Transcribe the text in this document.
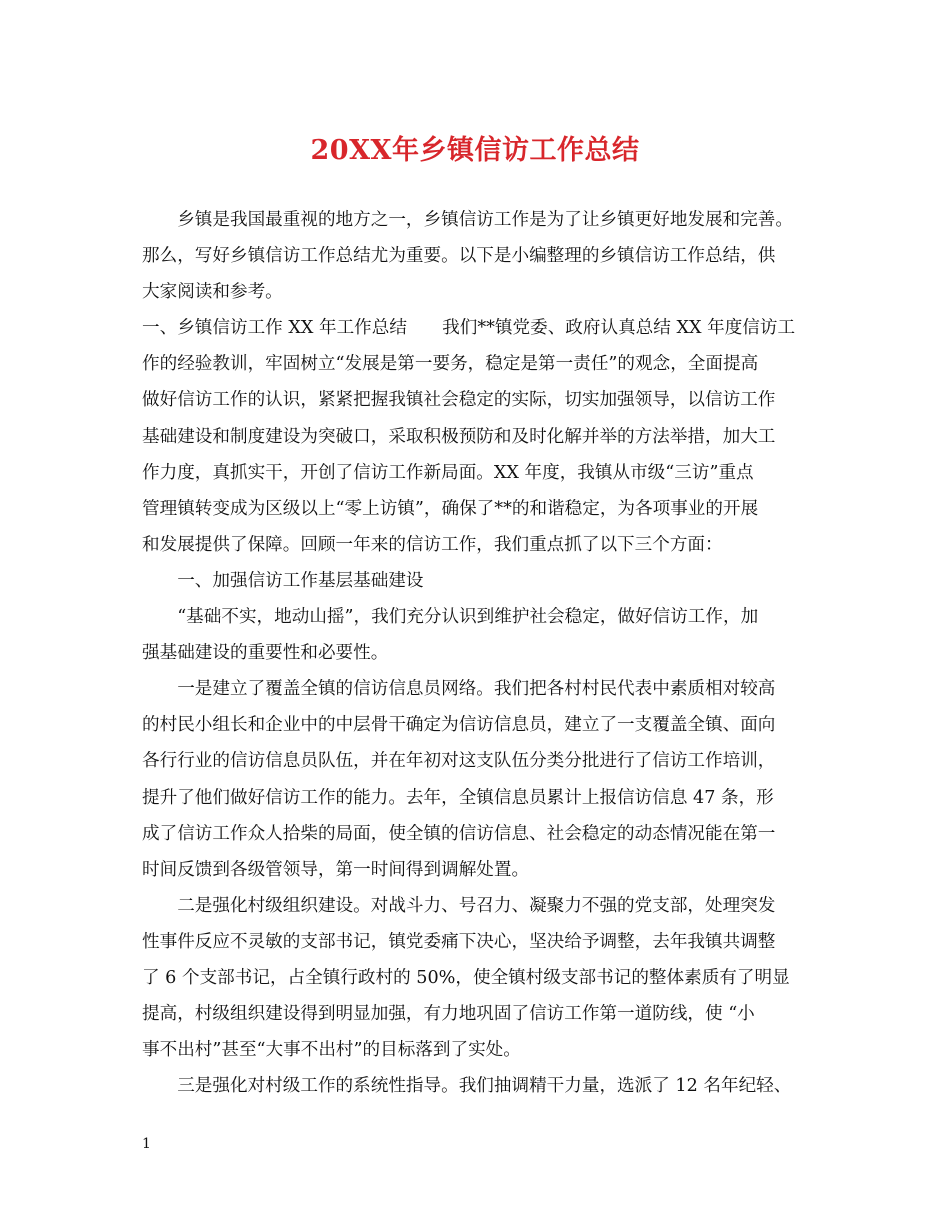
20XX年乡镇信访工作总结

乡镇是我国最重视的地方之一，乡镇信访工作是为了让乡镇更好地发展和完善。
那么，写好乡镇信访工作总结尤为重要。以下是小编整理的乡镇信访工作总结，供
大家阅读和参考。

一、乡镇信访工作 XX 年工作总结　　我们**镇党委、政府认真总结 XX 年度信访工
作的经验教训，牢固树立“发展是第一要务，稳定是第一责任”的观念，全面提高
做好信访工作的认识，紧紧把握我镇社会稳定的实际，切实加强领导，以信访工作
基础建设和制度建设为突破口，采取积极预防和及时化解并举的方法举措，加大工
作力度，真抓实干，开创了信访工作新局面。XX 年度，我镇从市级“三访”重点
管理镇转变成为区级以上“零上访镇”，确保了**的和谐稳定，为各项事业的开展
和发展提供了保障。回顾一年来的信访工作，我们重点抓了以下三个方面：

一、加强信访工作基层基础建设

“基础不实，地动山摇”，我们充分认识到维护社会稳定，做好信访工作，加
强基础建设的重要性和必要性。

一是建立了覆盖全镇的信访信息员网络。我们把各村村民代表中素质相对较高
的村民小组长和企业中的中层骨干确定为信访信息员，建立了一支覆盖全镇、面向
各行行业的信访信息员队伍，并在年初对这支队伍分类分批进行了信访工作培训，
提升了他们做好信访工作的能力。去年，全镇信息员累计上报信访信息 47 条，形
成了信访工作众人拾柴的局面，使全镇的信访信息、社会稳定的动态情况能在第一
时间反馈到各级管领导，第一时间得到调解处置。

二是强化村级组织建设。对战斗力、号召力、凝聚力不强的党支部，处理突发
性事件反应不灵敏的支部书记，镇党委痛下决心，坚决给予调整，去年我镇共调整
了 6 个支部书记，占全镇行政村的 50%，使全镇村级支部书记的整体素质有了明显
提高，村级组织建设得到明显加强，有力地巩固了信访工作第一道防线，使 “小
事不出村”甚至“大事不出村”的目标落到了实处。

三是强化对村级工作的系统性指导。我们抽调精干力量，选派了 12 名年纪轻、

1
